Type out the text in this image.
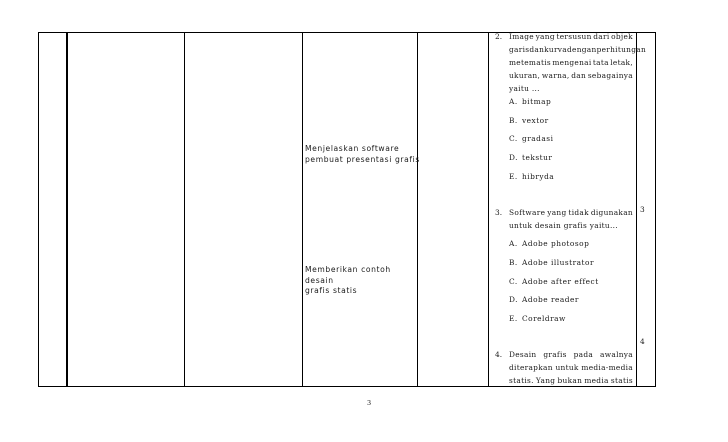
Menjelaskan software
pembuat presentasi grafis
Memberikan contoh desain
grafis statis
2. Image yang tersusun dari objek
garis dan kurva dengan perhitungan
metematis mengenai tata letak,
ukuran, warna, dan sebagainya
yaitu ...
A. bitmap
B. vextor
C. gradasi
D. tekstur
E. hibryda
3. Software yang tidak digunakan
untuk desain grafis yaitu...
A. Adobe photosop
B. Adobe illustrator
C. Adobe after effect
D. Adobe reader
E. Coreldraw
4. Desain grafis pada awalnya
diterapkan untuk media-media
statis. Yang bukan media statis
3
4
3
